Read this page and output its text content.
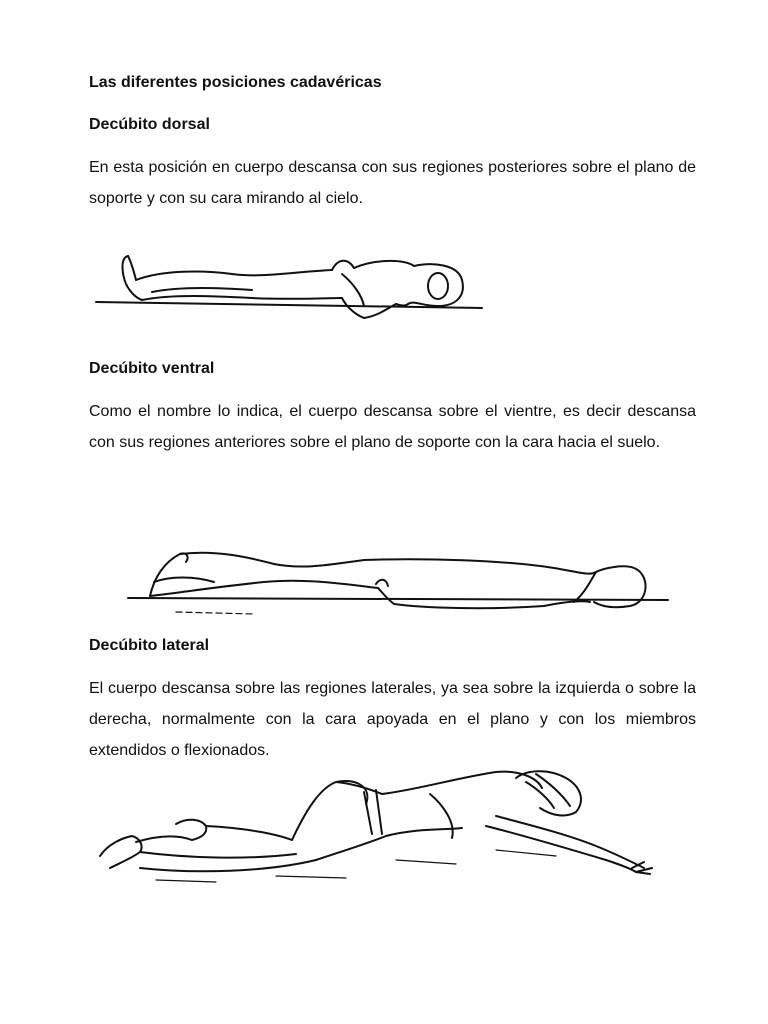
Las diferentes posiciones cadavéricas
Decúbito dorsal

En esta posición en cuerpo descansa con sus regiones posteriores sobre el plano de soporte y con su cara mirando al cielo.

Decúbito ventral

Como el nombre lo indica, el cuerpo descansa sobre el vientre, es decir descansa con sus regiones anteriores sobre el plano de soporte con la cara hacia el suelo.

Decúbito lateral

El cuerpo descansa sobre las regiones laterales, ya sea sobre la izquierda o sobre la derecha, normalmente con la cara apoyada en el plano y con los miembros extendidos o flexionados.
